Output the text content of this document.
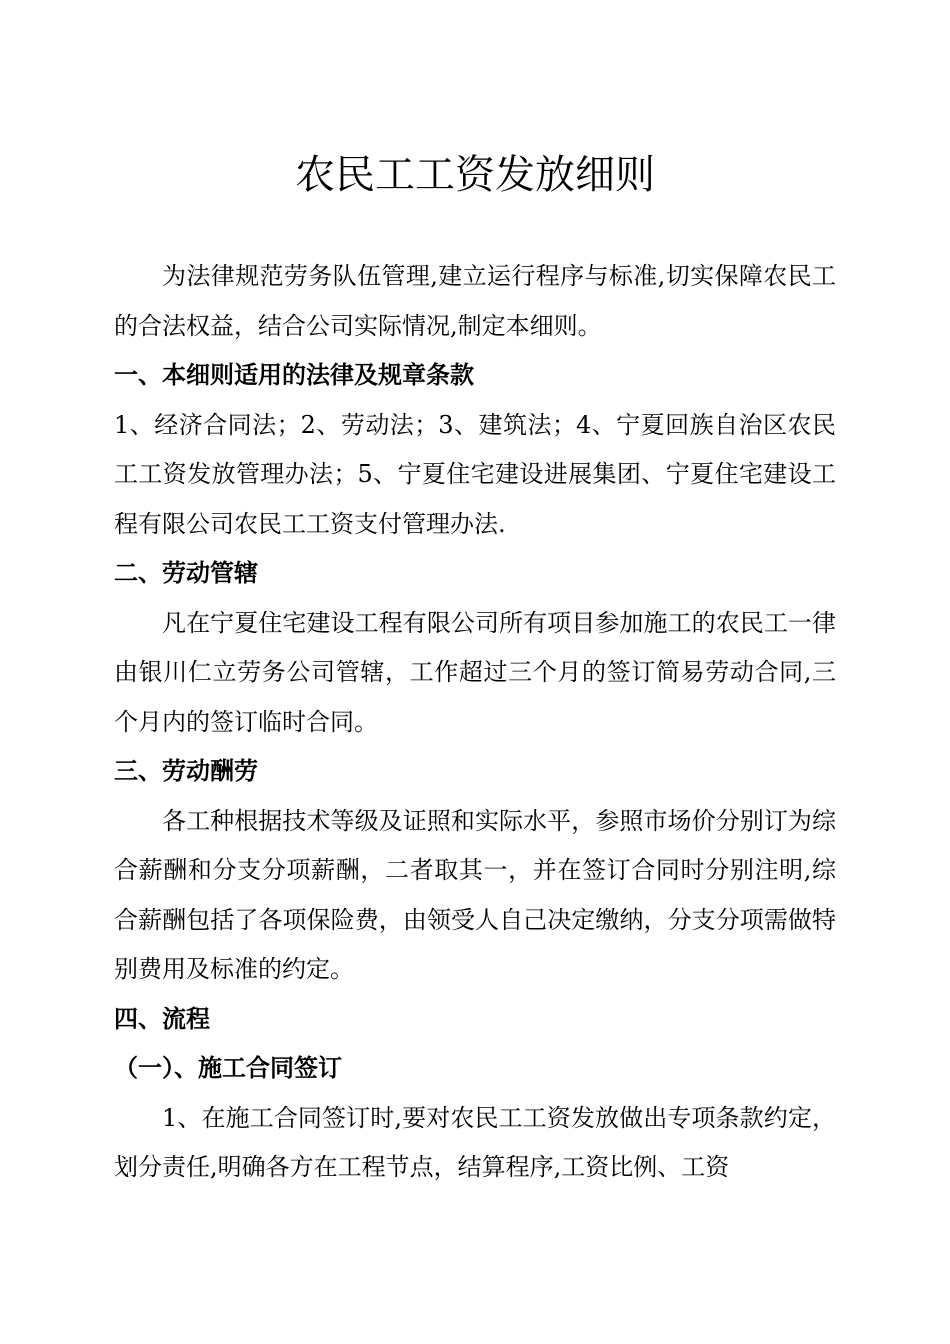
农民工工资发放细则

为法律规范劳务队伍管理,建立运行程序与标准,切实保障农民工的合法权益，结合公司实际情况,制定本细则。

一、本细则适用的法律及规章条款

1、经济合同法；2、劳动法；3、建筑法；4、宁夏回族自治区农民工工资发放管理办法；5、宁夏住宅建设进展集团、宁夏住宅建设工程有限公司农民工工资支付管理办法.

二、劳动管辖

凡在宁夏住宅建设工程有限公司所有项目参加施工的农民工一律由银川仁立劳务公司管辖，工作超过三个月的签订简易劳动合同,三个月内的签订临时合同。

三、劳动酬劳

各工种根据技术等级及证照和实际水平，参照市场价分别订为综合薪酬和分支分项薪酬，二者取其一，并在签订合同时分别注明,综合薪酬包括了各项保险费，由领受人自己决定缴纳，分支分项需做特别费用及标准的约定。

四、流程
（一）、施工合同签订

1、在施工合同签订时,要对农民工工资发放做出专项条款约定，划分责任,明确各方在工程节点，结算程序,工资比例、工资
